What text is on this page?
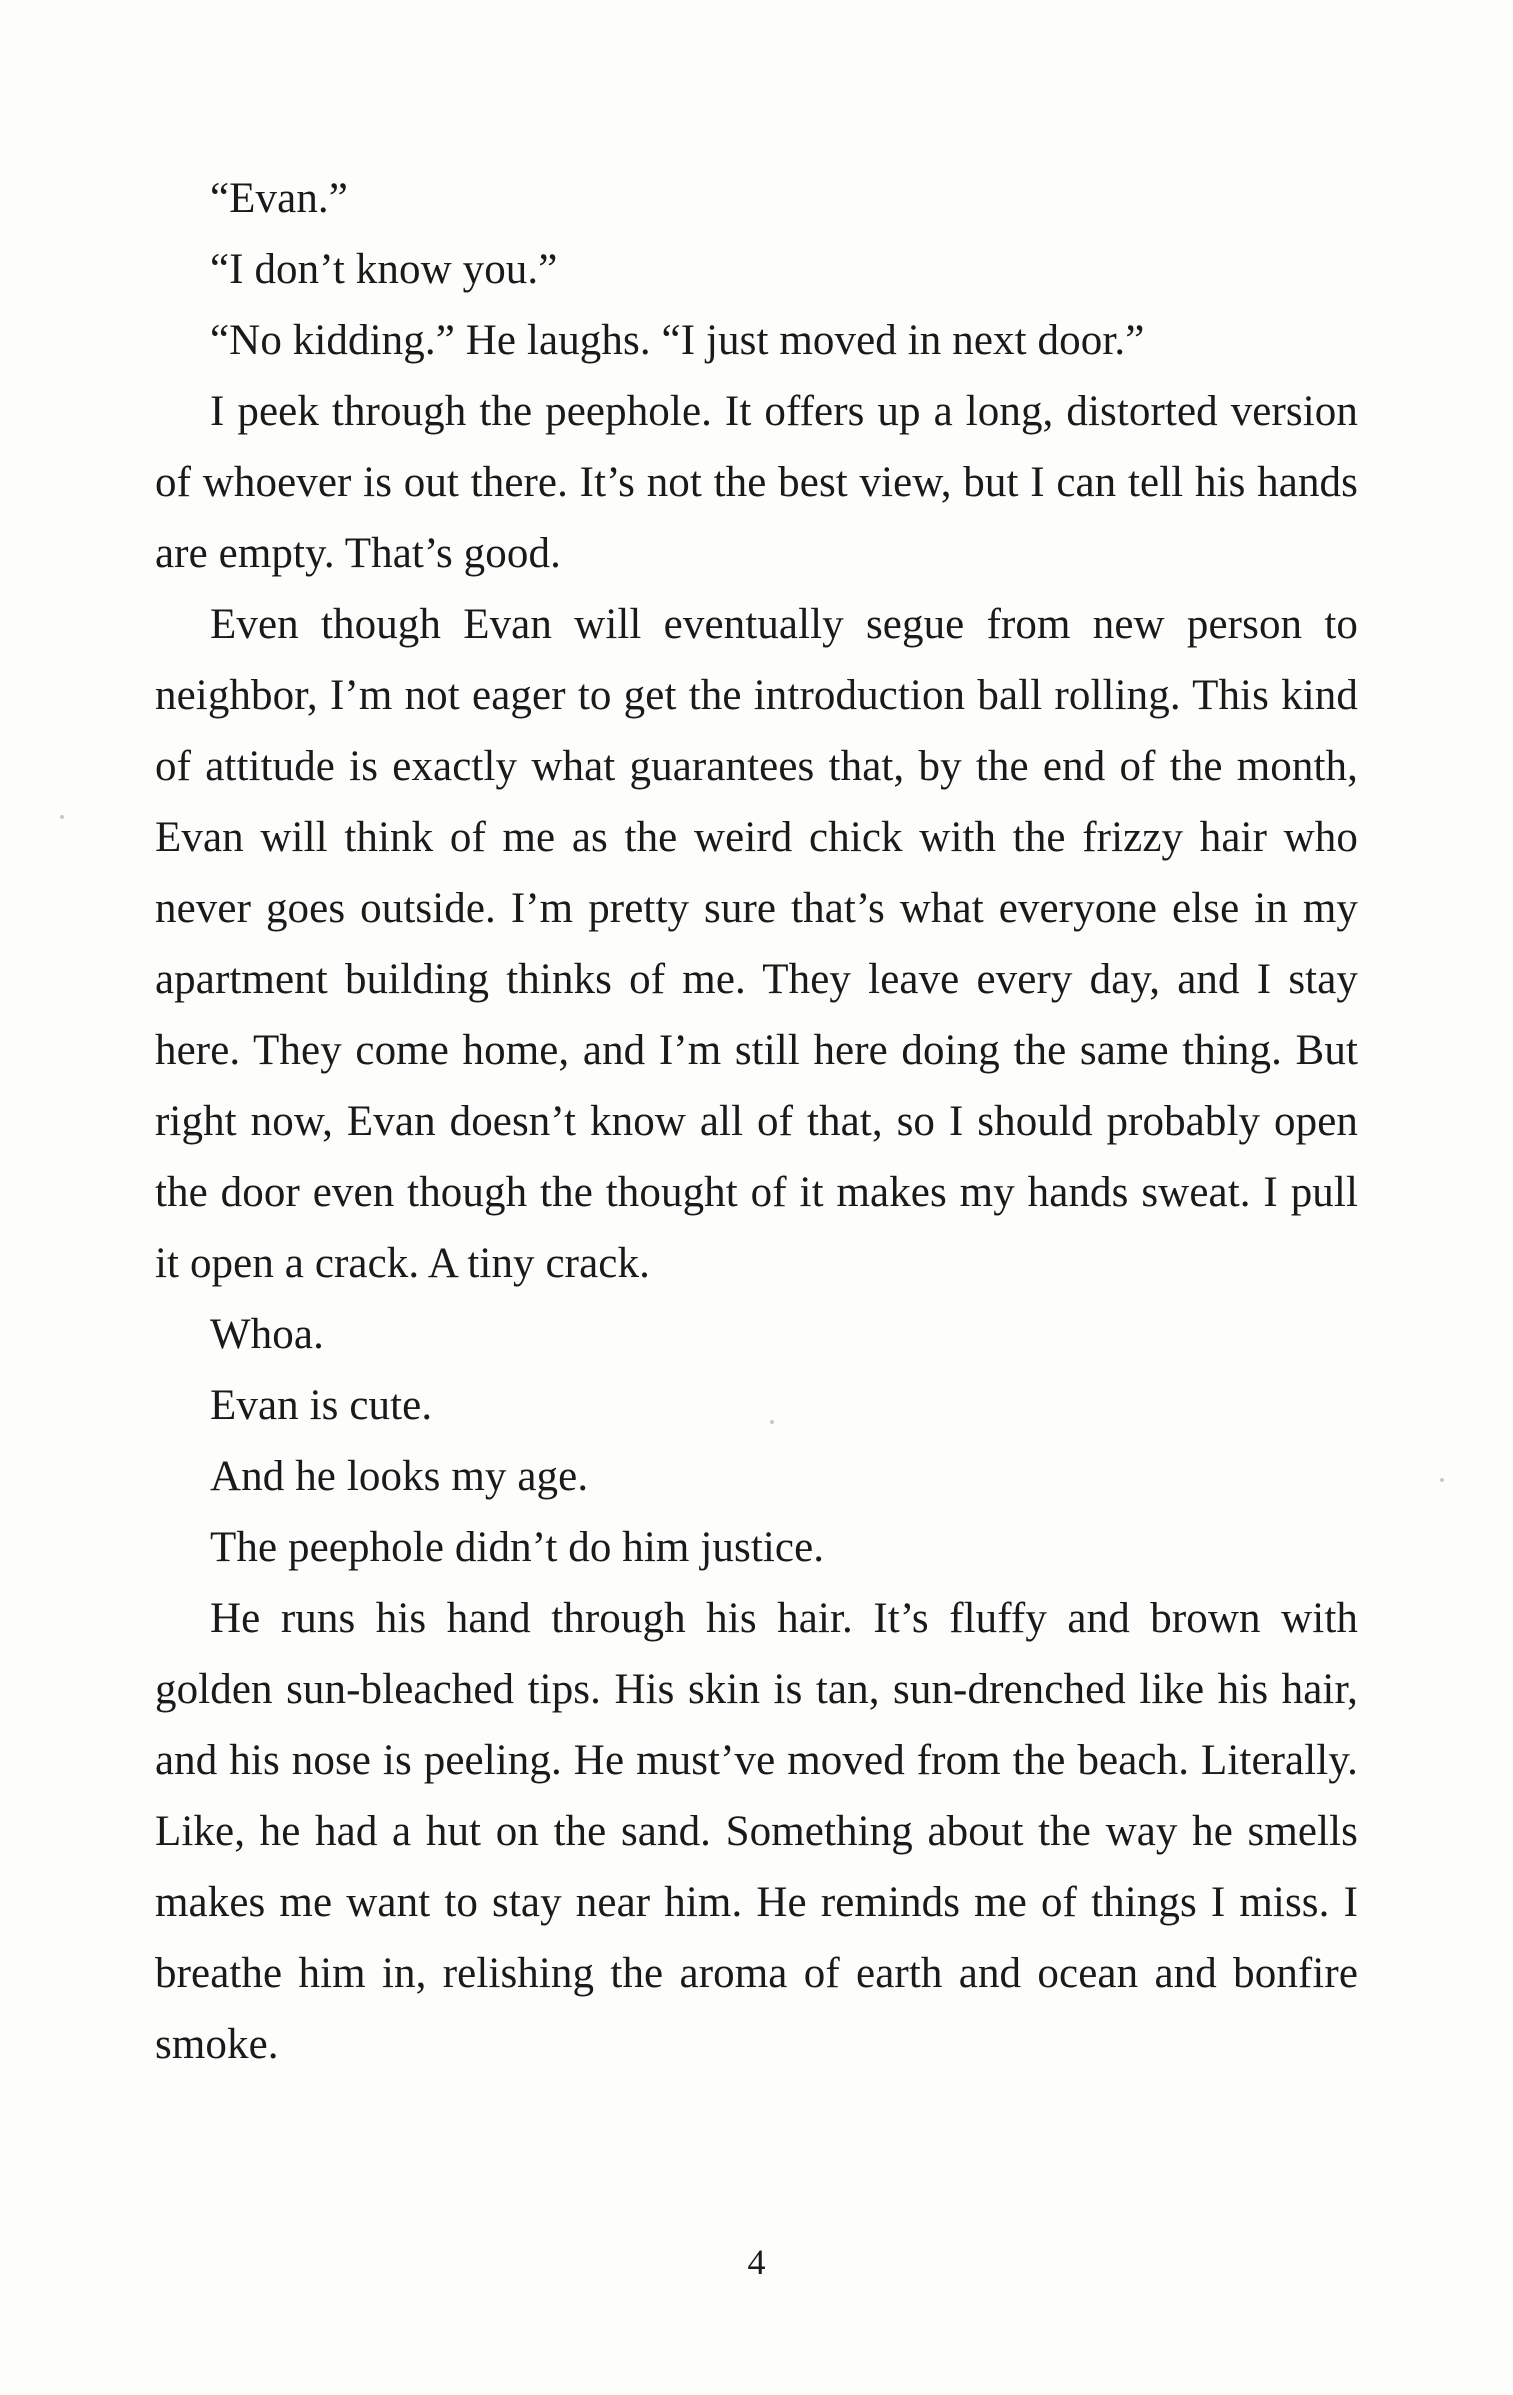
“Evan.”

“I don’t know you.”

“No kidding.” He laughs. “I just moved in next door.”

I peek through the peephole. It offers up a long, distorted version of whoever is out there. It’s not the best view, but I can tell his hands are empty. That’s good.

Even though Evan will eventually segue from new person to neighbor, I’m not eager to get the introduction ball rolling. This kind of attitude is exactly what guarantees that, by the end of the month, Evan will think of me as the weird chick with the frizzy hair who never goes outside. I’m pretty sure that’s what everyone else in my apartment building thinks of me. They leave every day, and I stay here. They come home, and I’m still here doing the same thing. But right now, Evan doesn’t know all of that, so I should probably open the door even though the thought of it makes my hands sweat. I pull it open a crack. A tiny crack.

Whoa.

Evan is cute.

And he looks my age.

The peephole didn’t do him justice.

He runs his hand through his hair. It’s fluffy and brown with golden sun-bleached tips. His skin is tan, sun-drenched like his hair, and his nose is peeling. He must’ve moved from the beach. Literally. Like, he had a hut on the sand. Something about the way he smells makes me want to stay near him. He reminds me of things I miss. I breathe him in, relishing the aroma of earth and ocean and bonfire smoke.

4
